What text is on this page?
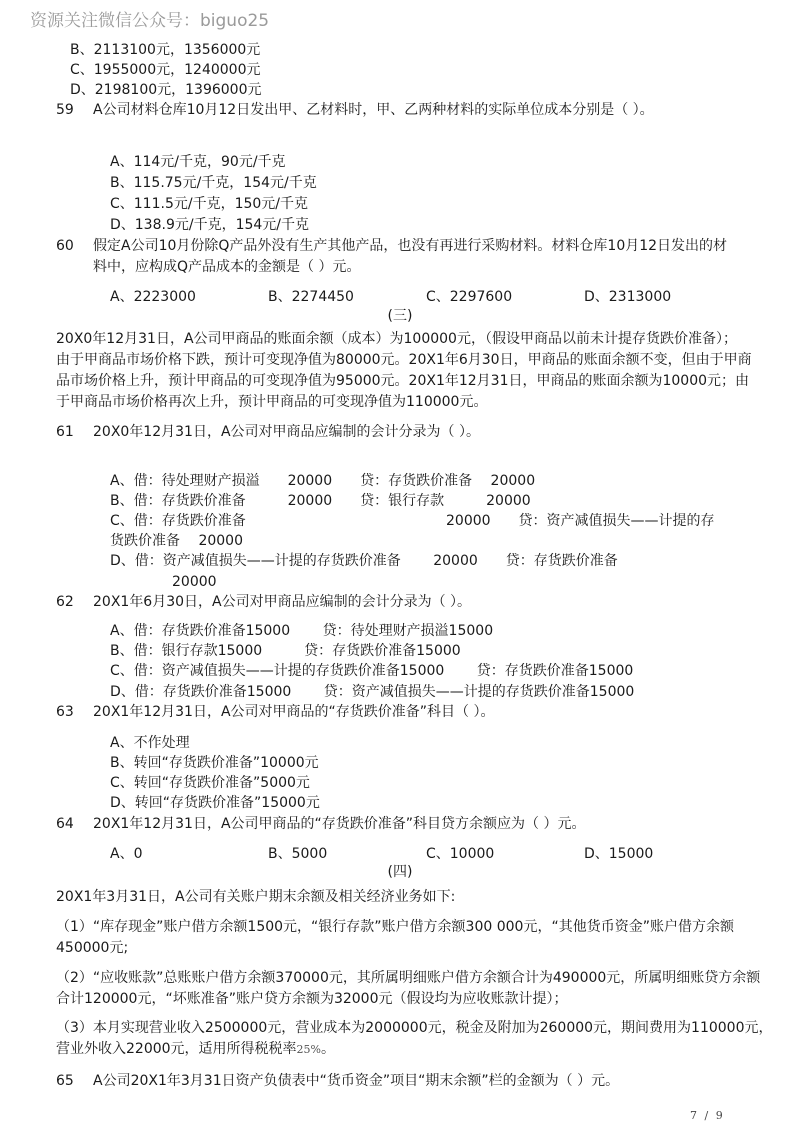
资源关注微信公众号：biguo25
B、2113100元，1356000元
C、1955000元，1240000元
D、2198100元，1396000元
59 A公司材料仓库10月12日发出甲、乙材料时，甲、乙两种材料的实际单位成本分别是（ ）。
A、114元/千克，90元/千克
B、115.75元/千克，154元/千克
C、111.5元/千克，150元/千克
D、138.9元/千克，154元/千克
60 假定A公司10月份除Q产品外没有生产其他产品，也没有再进行采购材料。材料仓库10月12日发出的材
料中，应构成Q产品成本的金额是（ ）元。
A、2223000	B、2274450	C、2297600	D、2313000
(三)
20X0年12月31日，A公司甲商品的账面余额（成本）为100000元，（假设甲商品以前未计提存货跌价准备）；
由于甲商品市场价格下跌，预计可变现净值为80000元。20X1年6月30日，甲商品的账面余额不变，但由于甲商
品市场价格上升，预计甲商品的可变现净值为95000元。20X1年12月31日，甲商品的账面余额为10000元；由
于甲商品市场价格再次上升，预计甲商品的可变现净值为110000元。
61 20X0年12月31日，A公司对甲商品应编制的会计分录为（ ）。
A、借：待处理财产损溢　　20000　　贷：存货跌价准备　 20000
B、借：存货跌价准备　　　20000　　贷：银行存款　　　20000
C、借：存货跌价准备	20000　　贷：资产减值损失——计提的存
货跌价准备　 20000
D、借：资产减值损失——计提的存货跌价准备　　 20000　　贷：存货跌价准备
20000
62 20X1年6月30日，A公司对甲商品应编制的会计分录为（ ）。
A、借：存货跌价准备15000　　 贷：待处理财产损溢15000
B、借：银行存款15000　　　贷：存货跌价准备15000
C、借：资产减值损失——计提的存货跌价准备15000　　 贷：存货跌价准备15000
D、借：存货跌价准备15000　　 贷：资产减值损失——计提的存货跌价准备15000
63 20X1年12月31日，A公司对甲商品的“存货跌价准备”科目（ ）。
A、不作处理
B、转回“存货跌价准备”10000元
C、转回“存货跌价准备”5000元
D、转回“存货跌价准备”15000元
64 20X1年12月31日，A公司甲商品的“存货跌价准备”科目贷方余额应为（ ）元。
A、0	B、5000	C、10000	D、15000
(四)
20X1年3月31日，A公司有关账户期末余额及相关经济业务如下:
（1）“库存现金”账户借方余额1500元，“银行存款”账户借方余额300 000元，“其他货币资金”账户借方余额
450000元;
（2）“应收账款”总账账户借方余额370000元，其所属明细账户借方余额合计为490000元，所属明细账贷方余额
合计120000元，“坏账准备”账户贷方余额为32000元（假设均为应收账款计提）；
（3）本月实现营业收入2500000元，营业成本为2000000元，税金及附加为260000元，期间费用为110000元，
营业外收入22000元，适用所得税税率25%。
65 A公司20X1年3月31日资产负债表中“货币资金”项目“期末余额”栏的金额为（ ）元。
7 / 9
